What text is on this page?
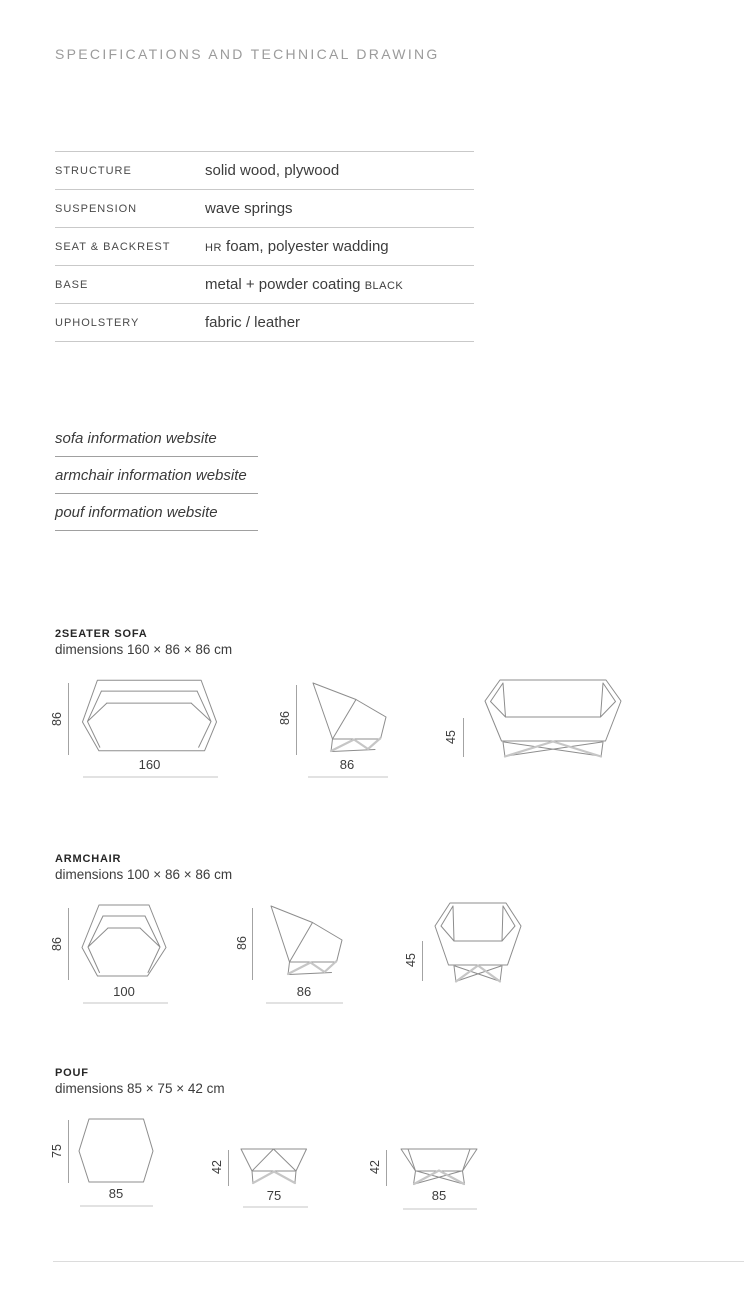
SPECIFICATIONS AND TECHNICAL DRAWING
STRUCTURE	solid wood, plywood
SUSPENSION	wave springs
SEAT & BACKREST	HR foam, polyester wadding
BASE	metal + powder coating BLACK
UPHOLSTERY	fabric / leather
sofa information website
armchair information website
pouf information website
2SEATER SOFA
dimensions 160 × 86 × 86 cm
86
160
86
86
45
ARMCHAIR
dimensions 100 × 86 × 86 cm
86
100
86
86
45
POUF
dimensions 85 × 75 × 42 cm
75
85
42
75
42
85
